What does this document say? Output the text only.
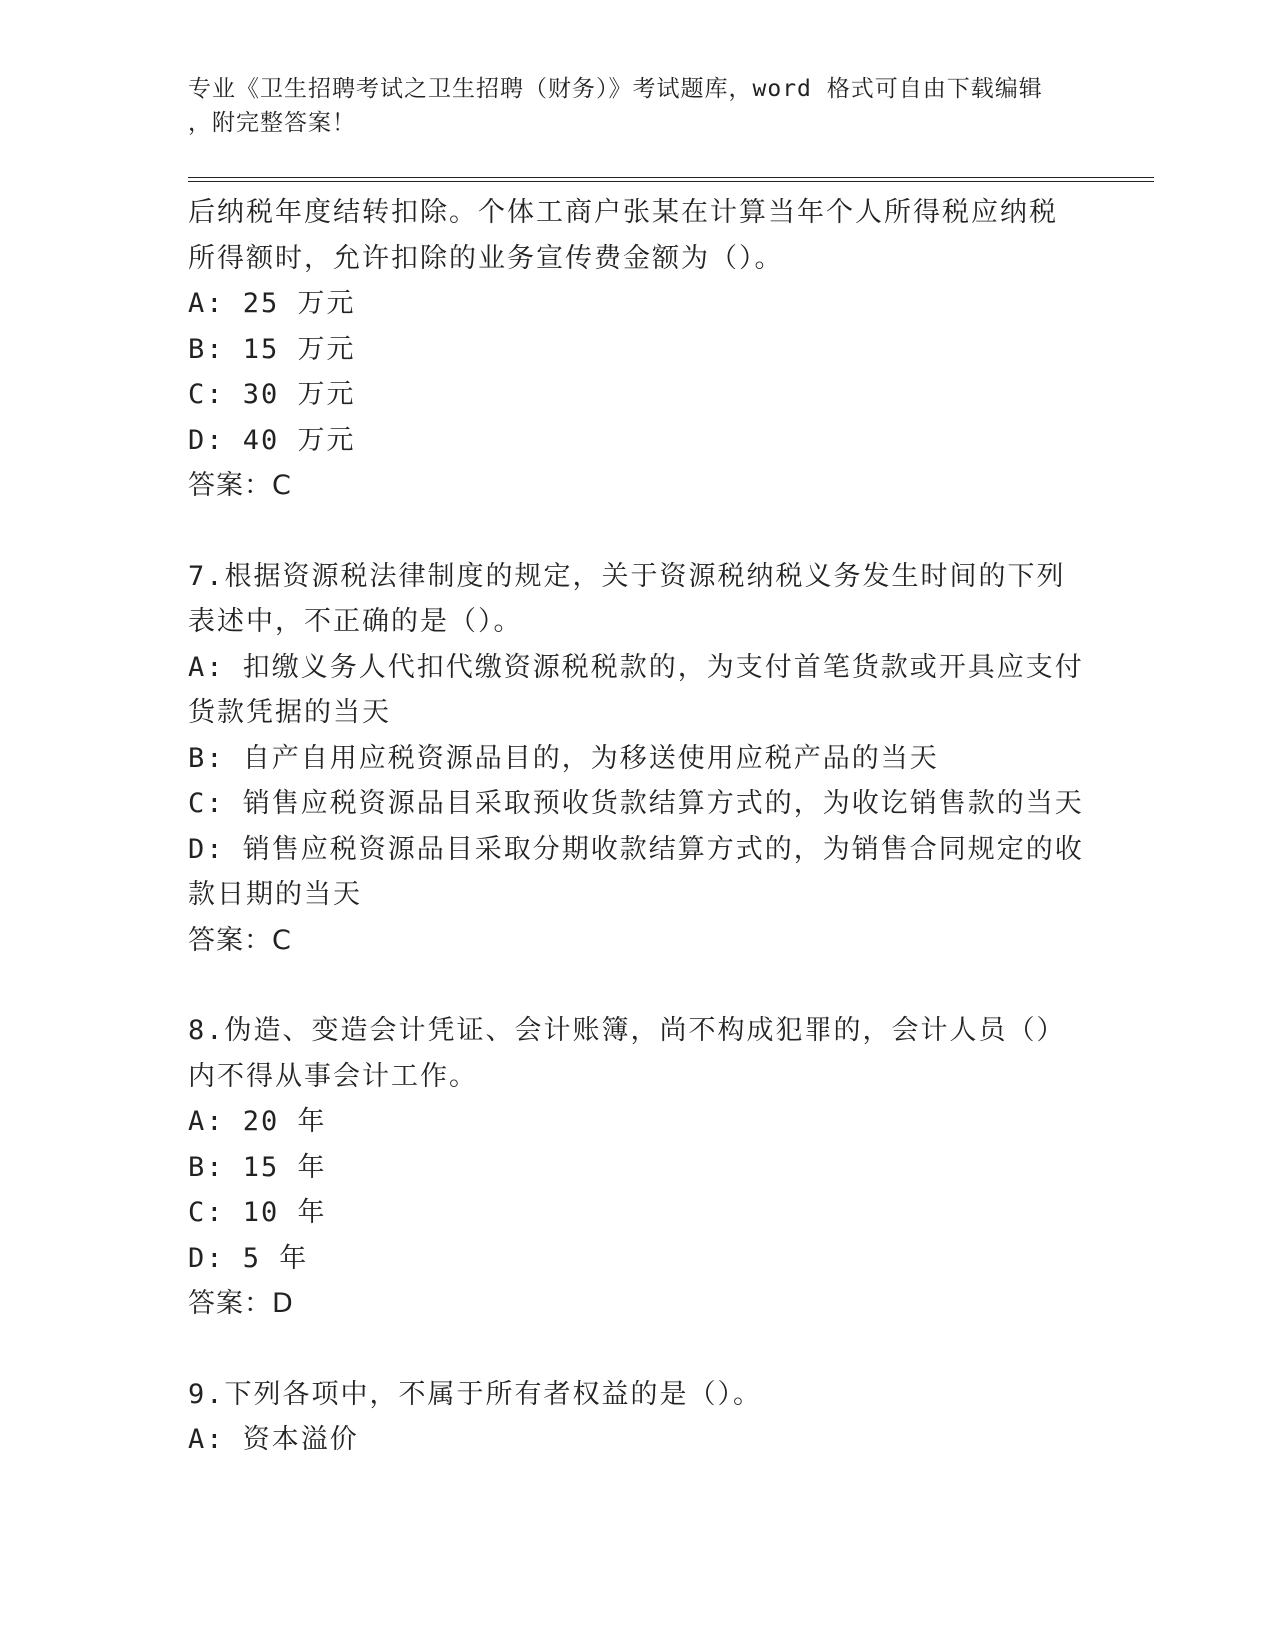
专业《卫生招聘考试之卫生招聘（财务）》考试题库，word 格式可自由下载编辑
，附完整答案！
后纳税年度结转扣除。个体工商户张某在计算当年个人所得税应纳税
所得额时，允许扣除的业务宣传费金额为（）。
A: 25 万元
B: 15 万元
C: 30 万元
D: 40 万元
答案：C
7.根据资源税法律制度的规定，关于资源税纳税义务发生时间的下列
表述中，不正确的是（）。
A: 扣缴义务人代扣代缴资源税税款的，为支付首笔货款或开具应支付
货款凭据的当天
B: 自产自用应税资源品目的，为移送使用应税产品的当天
C: 销售应税资源品目采取预收货款结算方式的，为收讫销售款的当天
D: 销售应税资源品目采取分期收款结算方式的，为销售合同规定的收
款日期的当天
答案：C
8.伪造、变造会计凭证、会计账簿，尚不构成犯罪的，会计人员（）
内不得从事会计工作。
A: 20 年
B: 15 年
C: 10 年
D: 5 年
答案：D
9.下列各项中，不属于所有者权益的是（）。
A: 资本溢价
